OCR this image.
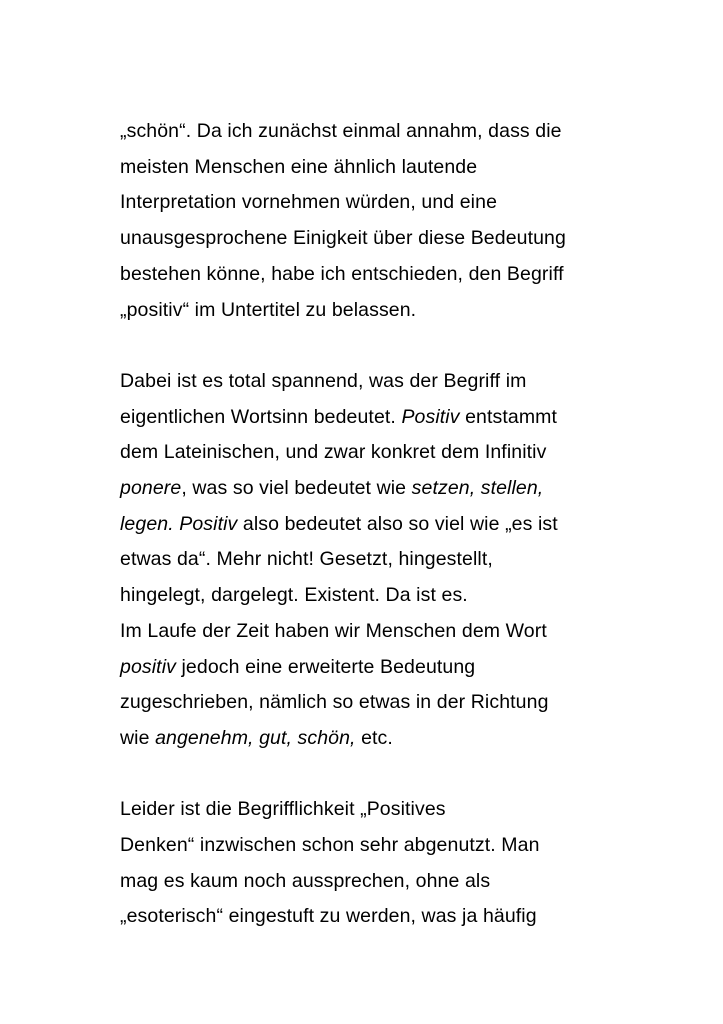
„schön“. Da ich zunächst einmal annahm, dass die
meisten Menschen eine ähnlich lautende
Interpretation vornehmen würden, und eine
unausgesprochene Einigkeit über diese Bedeutung
bestehen könne, habe ich entschieden, den Begriff
„positiv“ im Untertitel zu belassen.
Dabei ist es total spannend, was der Begriff im
eigentlichen Wortsinn bedeutet. Positiv entstammt
dem Lateinischen, und zwar konkret dem Infinitiv
ponere, was so viel bedeutet wie setzen, stellen,
legen. Positiv also bedeutet also so viel wie „es ist
etwas da“. Mehr nicht! Gesetzt, hingestellt,
hingelegt, dargelegt. Existent. Da ist es.
Im Laufe der Zeit haben wir Menschen dem Wort
positiv jedoch eine erweiterte Bedeutung
zugeschrieben, nämlich so etwas in der Richtung
wie angenehm, gut, schön, etc.
Leider ist die Begrifflichkeit „Positives
Denken“ inzwischen schon sehr abgenutzt. Man
mag es kaum noch aussprechen, ohne als
„esoterisch“ eingestuft zu werden, was ja häufig
